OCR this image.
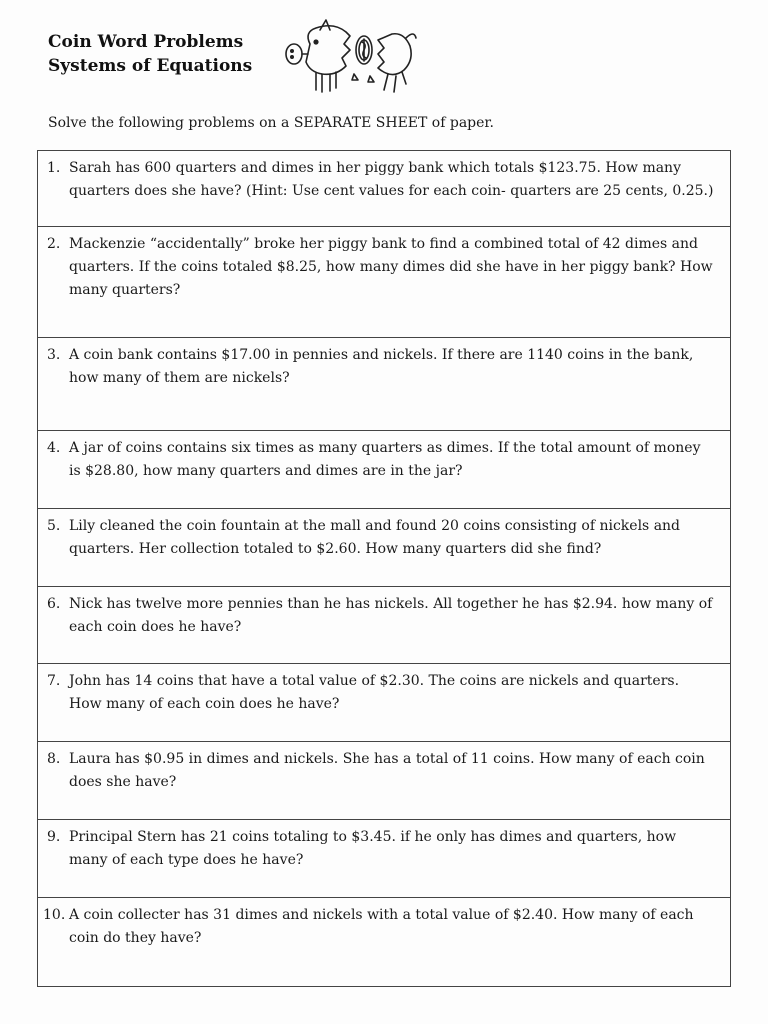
Coin Word Problems
Systems of Equations
Solve the following problems on a SEPARATE SHEET of paper.
1. Sarah has 600 quarters and dimes in her piggy bank which totals $123.75. How many quarters does she have? (Hint: Use cent values for each coin- quarters are 25 cents, 0.25.)
2. Mackenzie “accidentally” broke her piggy bank to find a combined total of 42 dimes and quarters. If the coins totaled $8.25, how many dimes did she have in her piggy bank? How many quarters?
3. A coin bank contains $17.00 in pennies and nickels. If there are 1140 coins in the bank, how many of them are nickels?
4. A jar of coins contains six times as many quarters as dimes. If the total amount of money is $28.80, how many quarters and dimes are in the jar?
5. Lily cleaned the coin fountain at the mall and found 20 coins consisting of nickels and quarters. Her collection totaled to $2.60. How many quarters did she find?
6. Nick has twelve more pennies than he has nickels. All together he has $2.94. how many of each coin does he have?
7. John has 14 coins that have a total value of $2.30. The coins are nickels and quarters. How many of each coin does he have?
8. Laura has $0.95 in dimes and nickels. She has a total of 11 coins. How many of each coin does she have?
9. Principal Stern has 21 coins totaling to $3.45. if he only has dimes and quarters, how many of each type does he have?
10. A coin collecter has 31 dimes and nickels with a total value of $2.40. How many of each coin do they have?
